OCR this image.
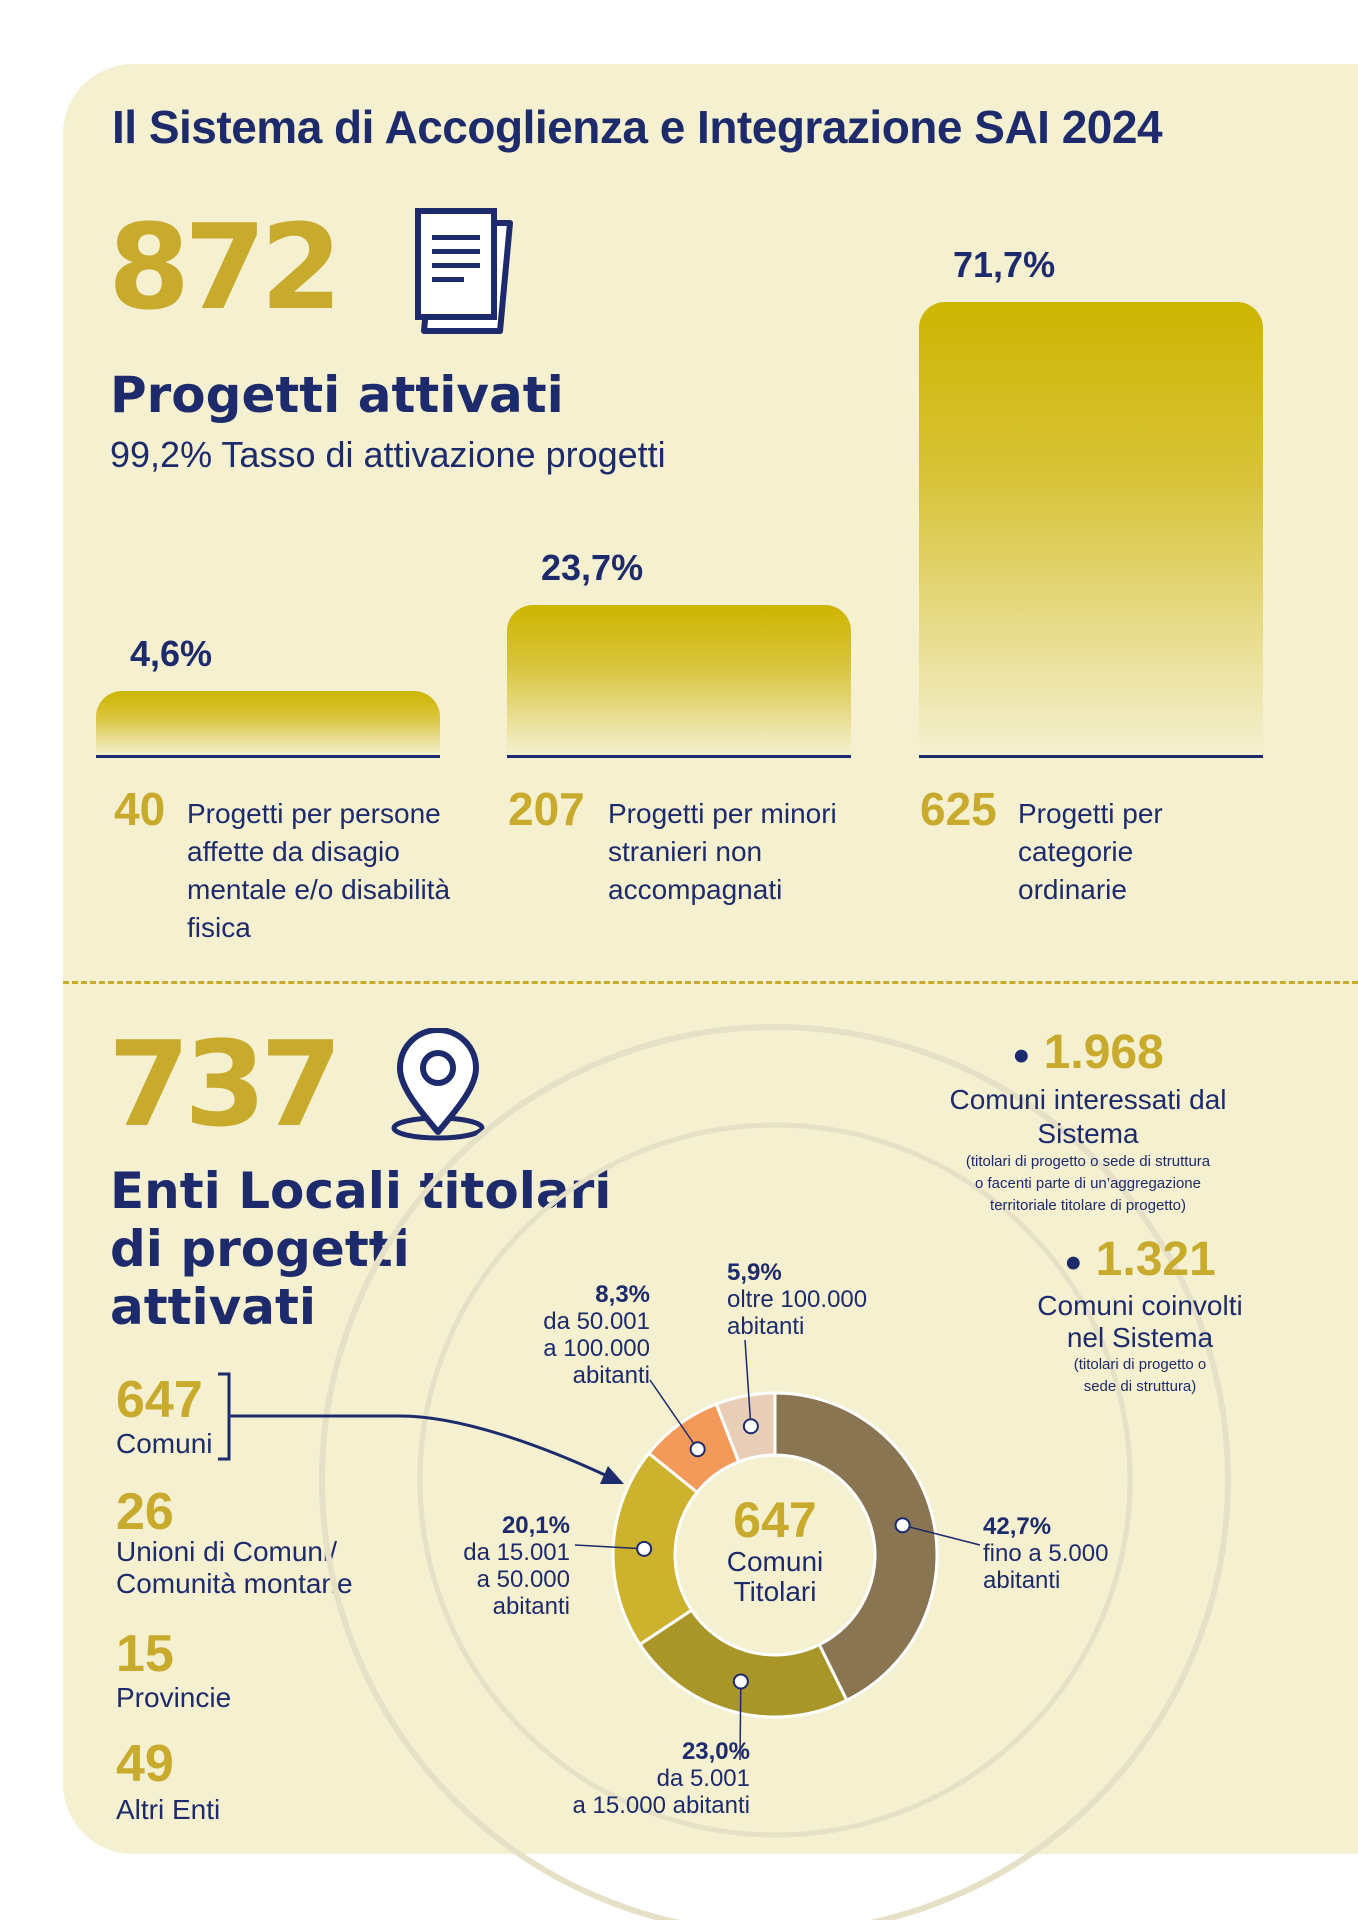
Il Sistema di Accoglienza e Integrazione SAI 2024
872
Progetti attivati
99,2% Tasso di attivazione progetti
4,6%
23,7%
71,7%
40 Progetti per persone
affette da disagio
mentale e/o disabilità
fisica
207 Progetti per minori
stranieri non
accompagnati
625 Progetti per
categorie
ordinarie
737
Enti Locali titolari
di progetti
attivati
647
Comuni
26
Unioni di Comuni/
Comunità montane
15
Provincie
49
Altri Enti
647
Comuni
Titolari
42,7%
fino a 5.000
abitanti
23,0%
da 5.001
a 15.000 abitanti
20,1%
da 15.001
a 50.000
abitanti
8,3%
da 50.001
a 100.000
abitanti
5,9%
oltre 100.000
abitanti
● 1.968
Comuni interessati dal Sistema
(titolari di progetto o sede di struttura
o facenti parte di un’aggregazione
territoriale titolare di progetto)
● 1.321
Comuni coinvolti
nel Sistema
(titolari di progetto o
sede di struttura)
